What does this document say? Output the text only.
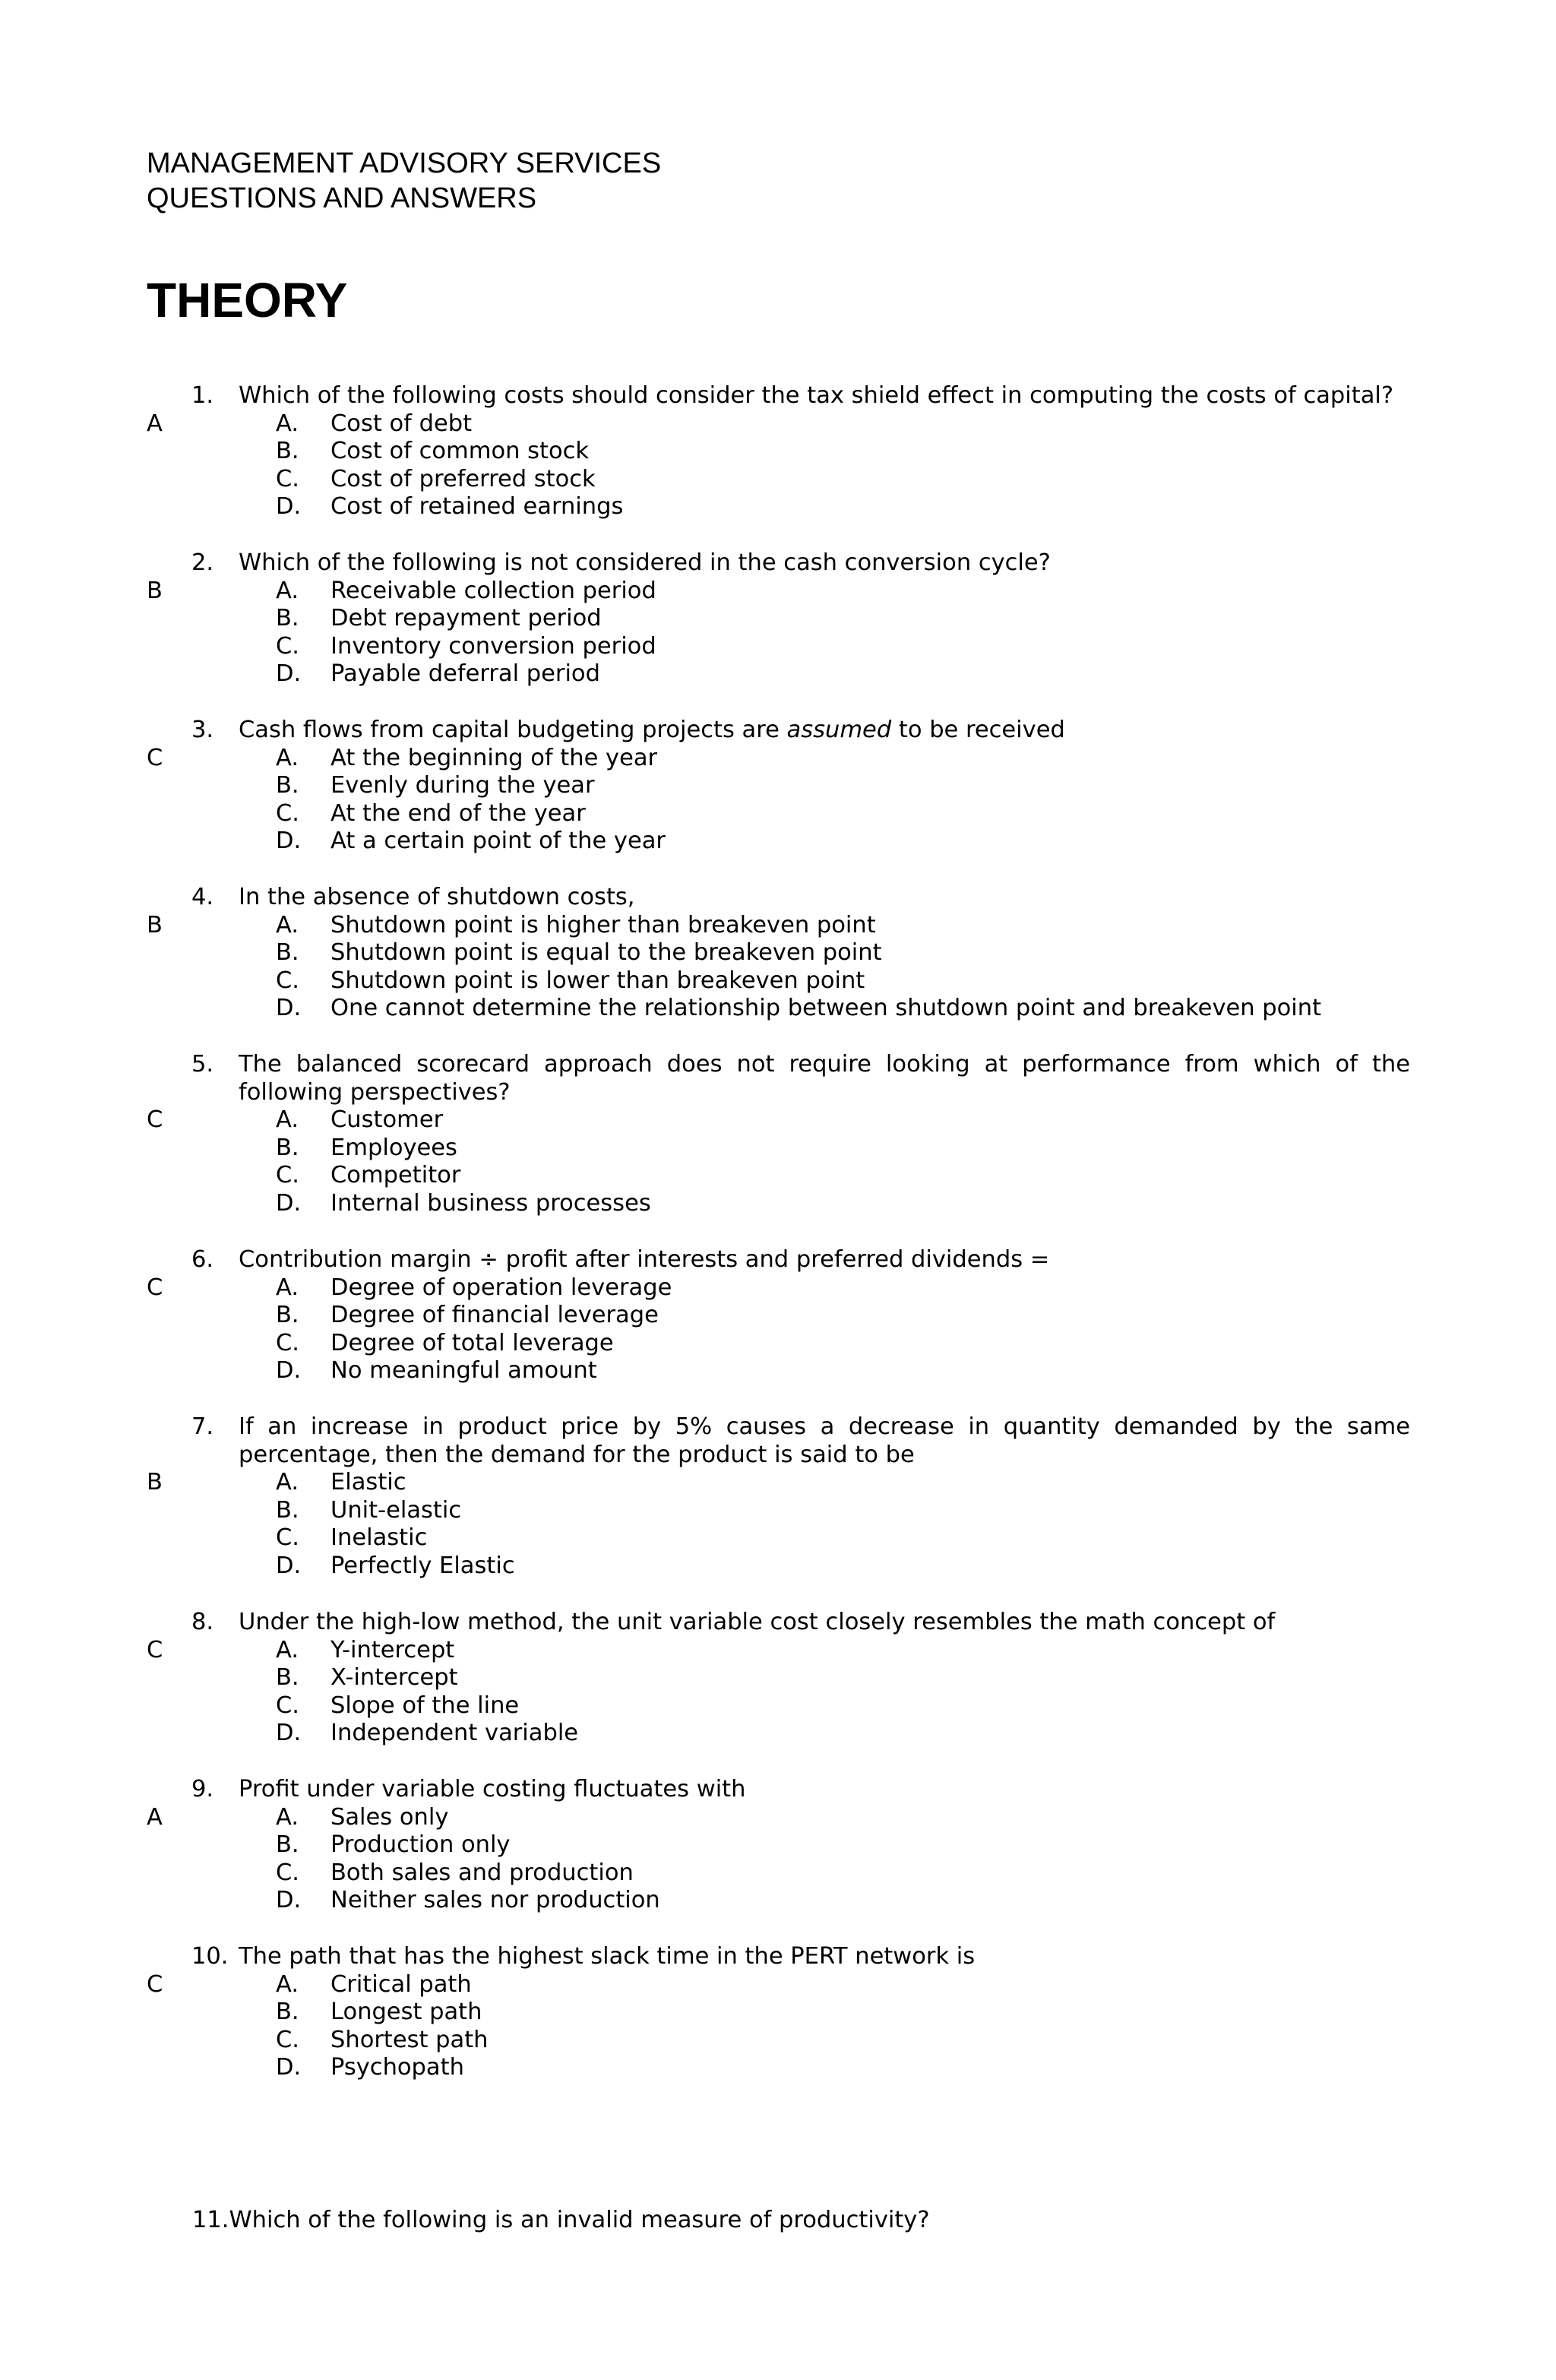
MANAGEMENT ADVISORY SERVICES
QUESTIONS AND ANSWERS
THEORY
1.	Which of the following costs should consider the tax shield effect in computing the costs of capital?
A	A. Cost of debt
B. Cost of common stock
C. Cost of preferred stock
D. Cost of retained earnings
2.	Which of the following is not considered in the cash conversion cycle?
B	A. Receivable collection period
B. Debt repayment period
C. Inventory conversion period
D. Payable deferral period
3.	Cash flows from capital budgeting projects are assumed to be received
C	A. At the beginning of the year
B. Evenly during the year
C. At the end of the year
D. At a certain point of the year
4.	In the absence of shutdown costs,
B	A. Shutdown point is higher than breakeven point
B. Shutdown point is equal to the breakeven point
C. Shutdown point is lower than breakeven point
D. One cannot determine the relationship between shutdown point and breakeven point
5.	The balanced scorecard approach does not require looking at performance from which of the following perspectives?
C	A. Customer
B. Employees
C. Competitor
D. Internal business processes
6.	Contribution margin ÷ profit after interests and preferred dividends =
C	A. Degree of operation leverage
B. Degree of financial leverage
C. Degree of total leverage
D. No meaningful amount
7.	If an increase in product price by 5% causes a decrease in quantity demanded by the same percentage, then the demand for the product is said to be
B	A. Elastic
B. Unit-elastic
C. Inelastic
D. Perfectly Elastic
8.	Under the high-low method, the unit variable cost closely resembles the math concept of
C	A. Y-intercept
B. X-intercept
C. Slope of the line
D. Independent variable
9.	Profit under variable costing fluctuates with
A	A. Sales only
B. Production only
C. Both sales and production
D. Neither sales nor production
10. The path that has the highest slack time in the PERT network is
C	A. Critical path
B. Longest path
C. Shortest path
D. Psychopath
11.Which of the following is an invalid measure of productivity?
